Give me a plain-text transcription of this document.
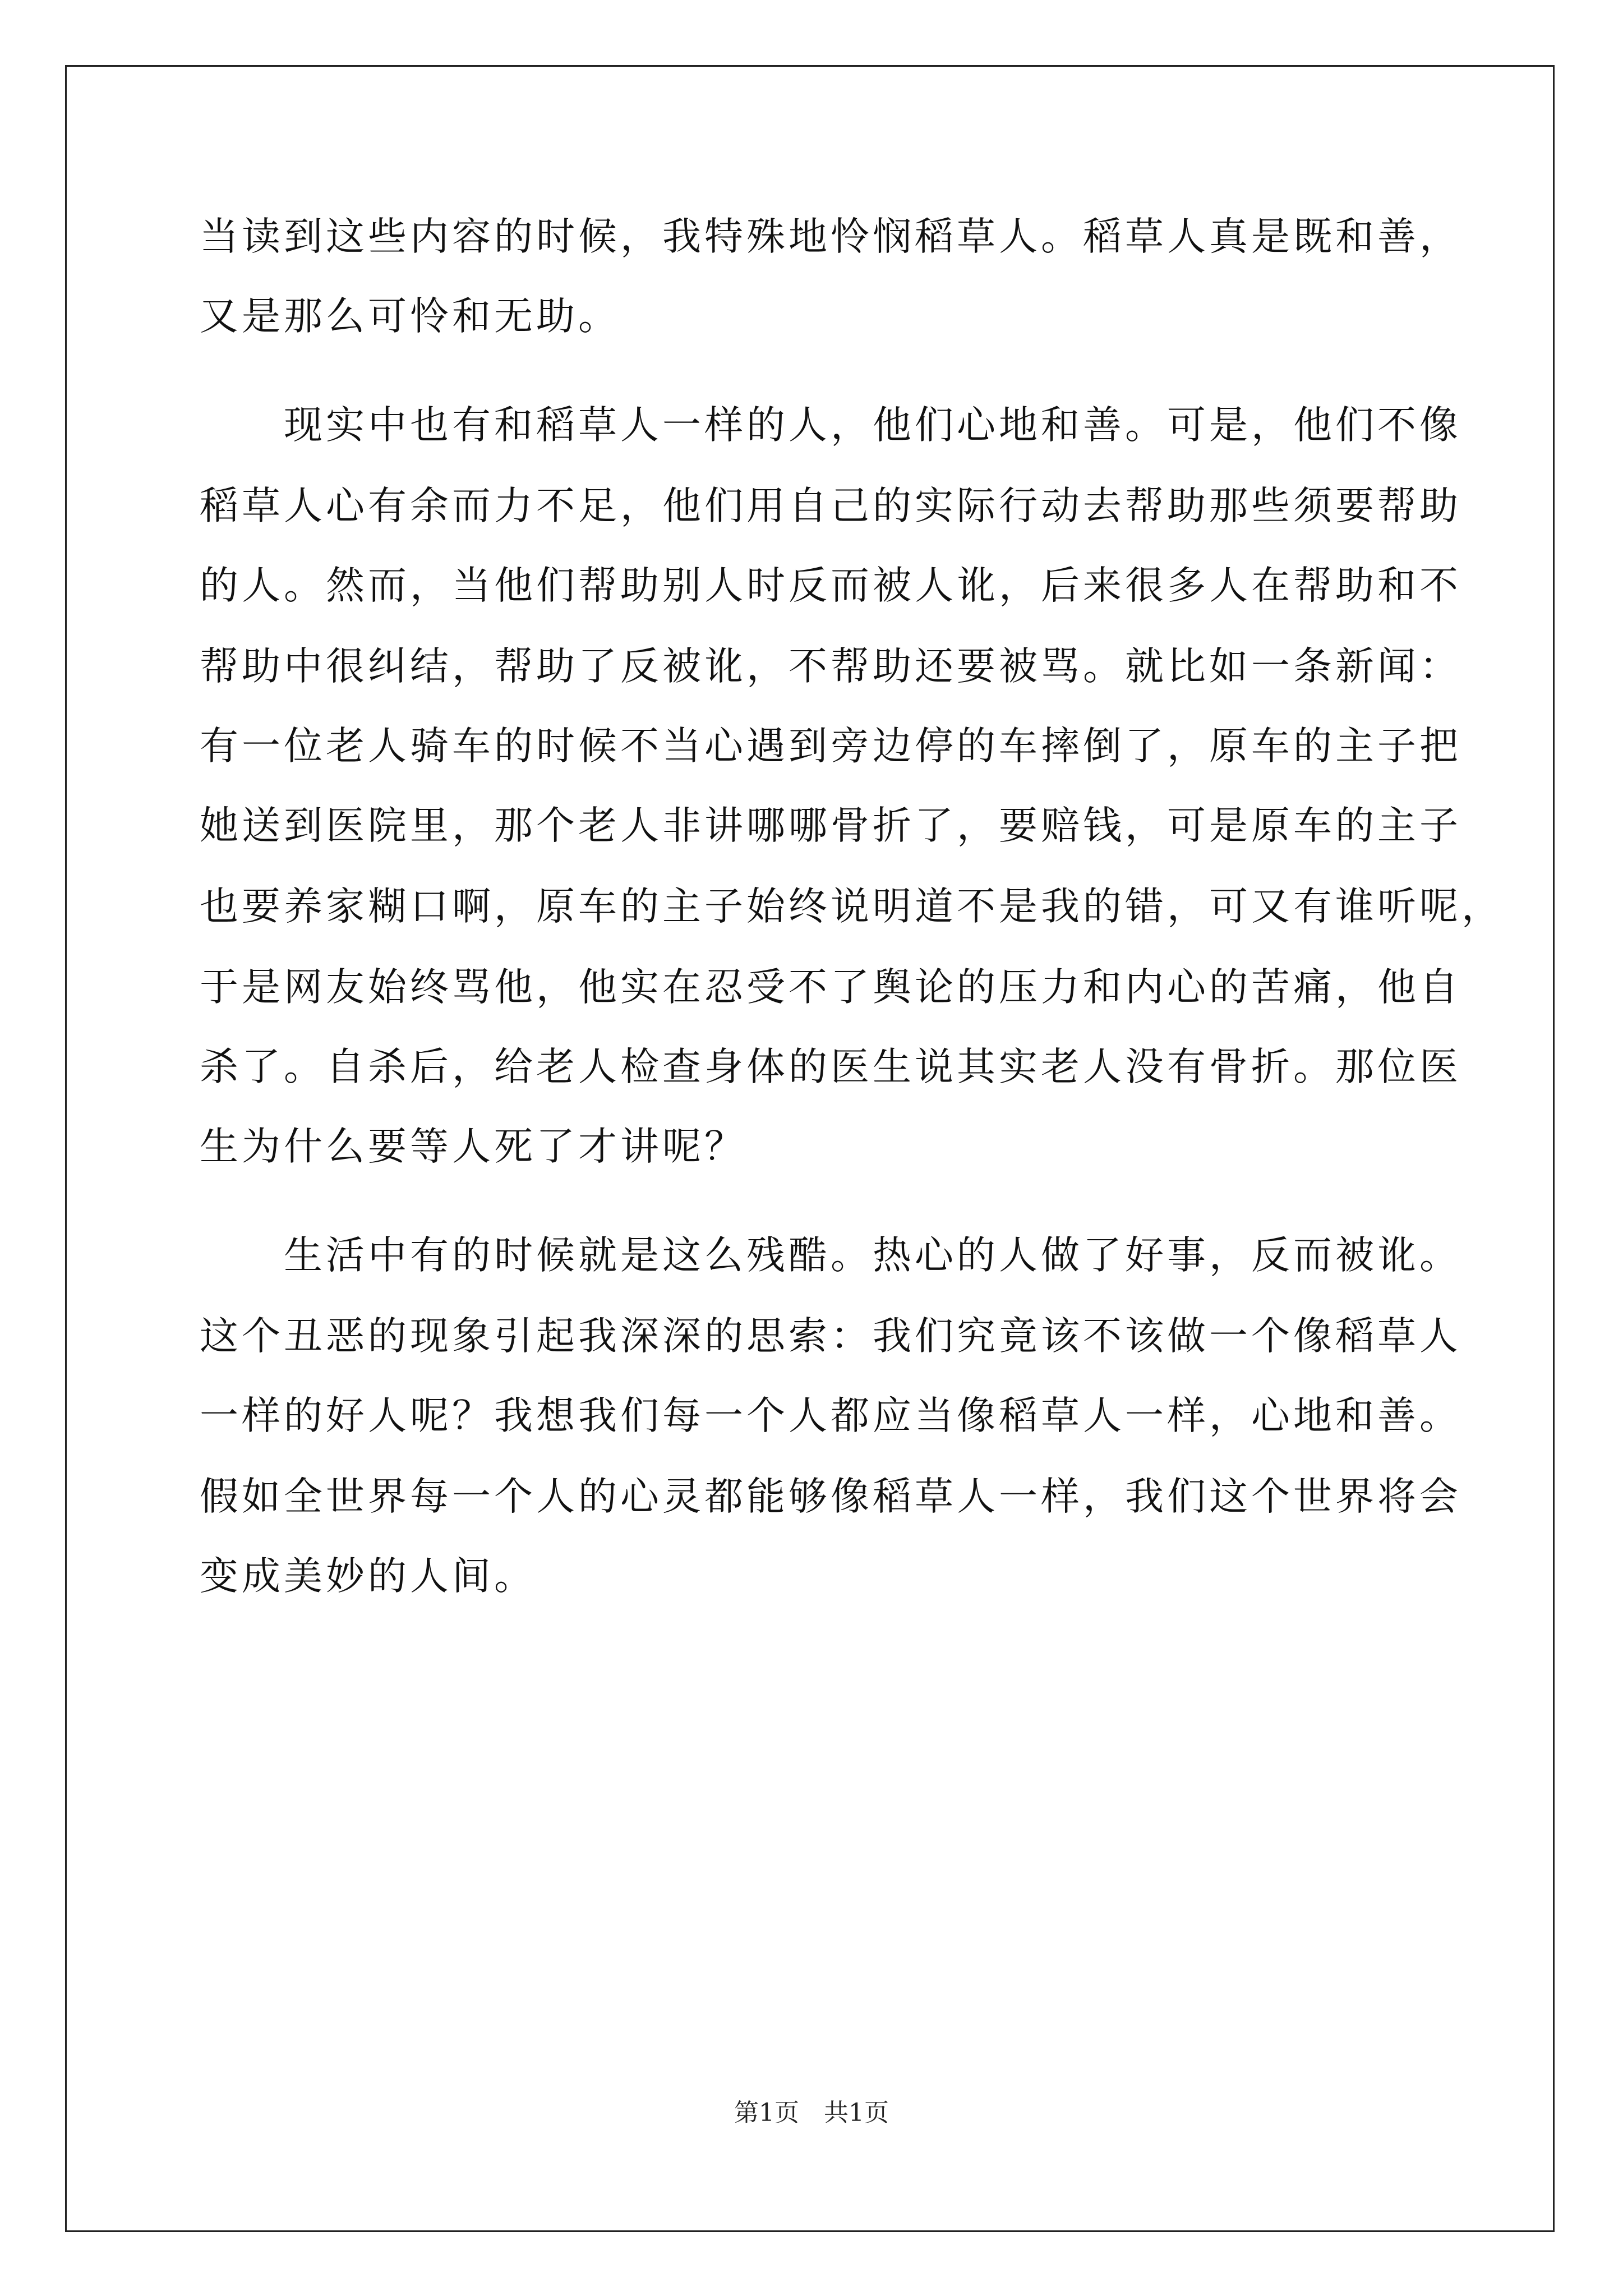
当读到这些内容的时候，我特殊地怜悯稻草人。稻草人真是既和善，
又是那么可怜和无助。
　　现实中也有和稻草人一样的人，他们心地和善。可是，他们不像
稻草人心有余而力不足，他们用自己的实际行动去帮助那些须要帮助
的人。然而，当他们帮助别人时反而被人讹，后来很多人在帮助和不
帮助中很纠结，帮助了反被讹，不帮助还要被骂。就比如一条新闻：
有一位老人骑车的时候不当心遇到旁边停的车摔倒了，原车的主子把
她送到医院里，那个老人非讲哪哪骨折了，要赔钱，可是原车的主子
也要养家糊口啊，原车的主子始终说明道不是我的错，可又有谁听呢，
于是网友始终骂他，他实在忍受不了舆论的压力和内心的苦痛，他自
杀了。自杀后，给老人检查身体的医生说其实老人没有骨折。那位医
生为什么要等人死了才讲呢？
　　生活中有的时候就是这么残酷。热心的人做了好事，反而被讹。
这个丑恶的现象引起我深深的思索：我们究竟该不该做一个像稻草人
一样的好人呢？我想我们每一个人都应当像稻草人一样，心地和善。
假如全世界每一个人的心灵都能够像稻草人一样，我们这个世界将会
变成美妙的人间。
第1页　共1页
